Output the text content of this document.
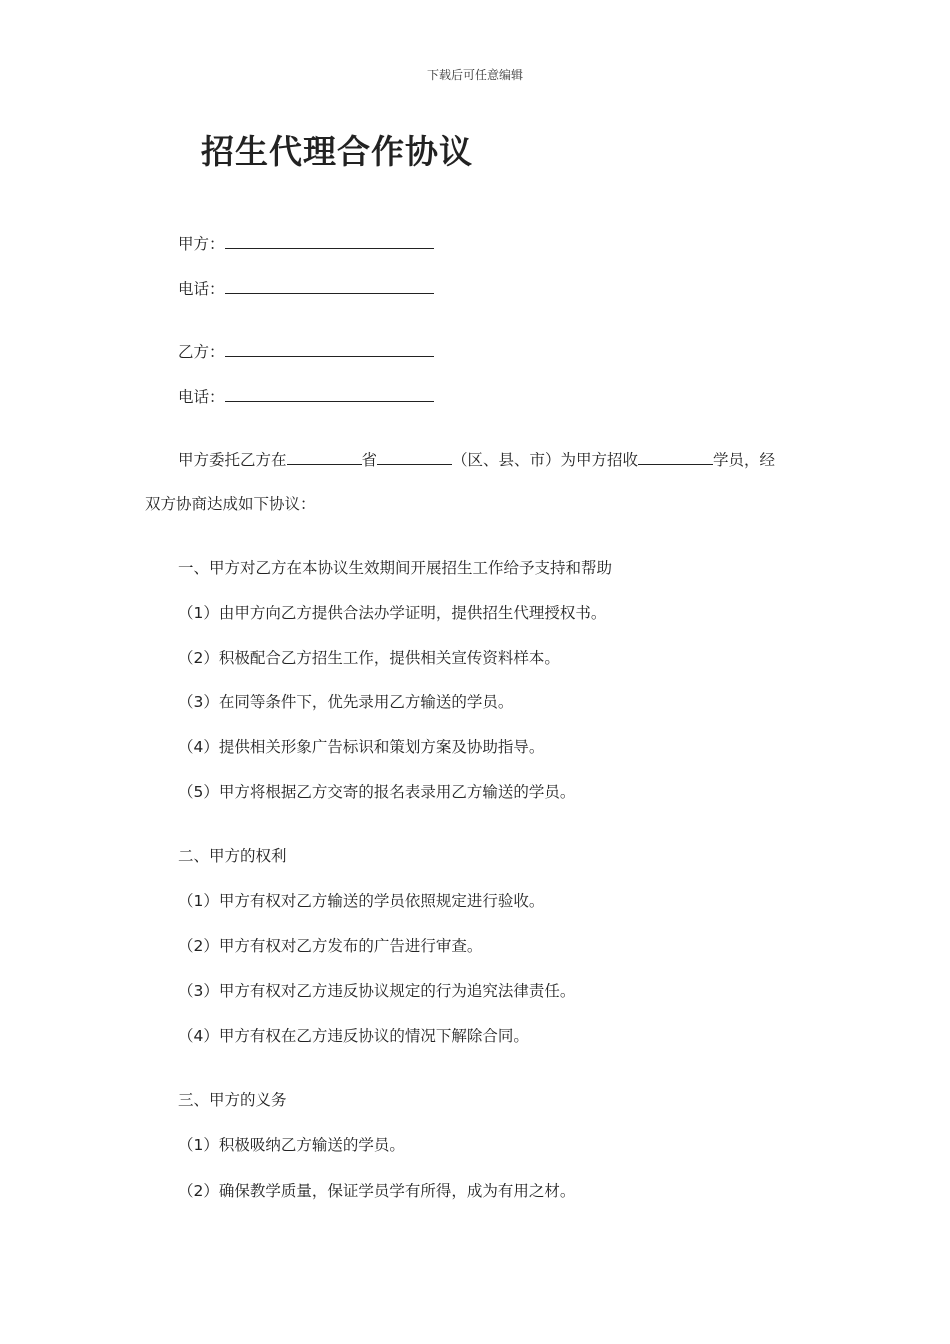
下载后可任意编辑
招生代理合作协议
甲方：
电话：
乙方：
电话：
甲方委托乙方在	省	（区、县、市）为甲方招收	学员，经
双方协商达成如下协议：
一、甲方对乙方在本协议生效期间开展招生工作给予支持和帮助
（1）由甲方向乙方提供合法办学证明，提供招生代理授权书。
（2）积极配合乙方招生工作，提供相关宣传资料样本。
（3）在同等条件下，优先录用乙方输送的学员。
（4）提供相关形象广告标识和策划方案及协助指导。
（5）甲方将根据乙方交寄的报名表录用乙方输送的学员。
二、甲方的权利
（1）甲方有权对乙方输送的学员依照规定进行验收。
（2）甲方有权对乙方发布的广告进行审查。
（3）甲方有权对乙方违反协议规定的行为追究法律责任。
（4）甲方有权在乙方违反协议的情况下解除合同。
三、甲方的义务
（1）积极吸纳乙方输送的学员。
（2）确保教学质量，保证学员学有所得，成为有用之材。
